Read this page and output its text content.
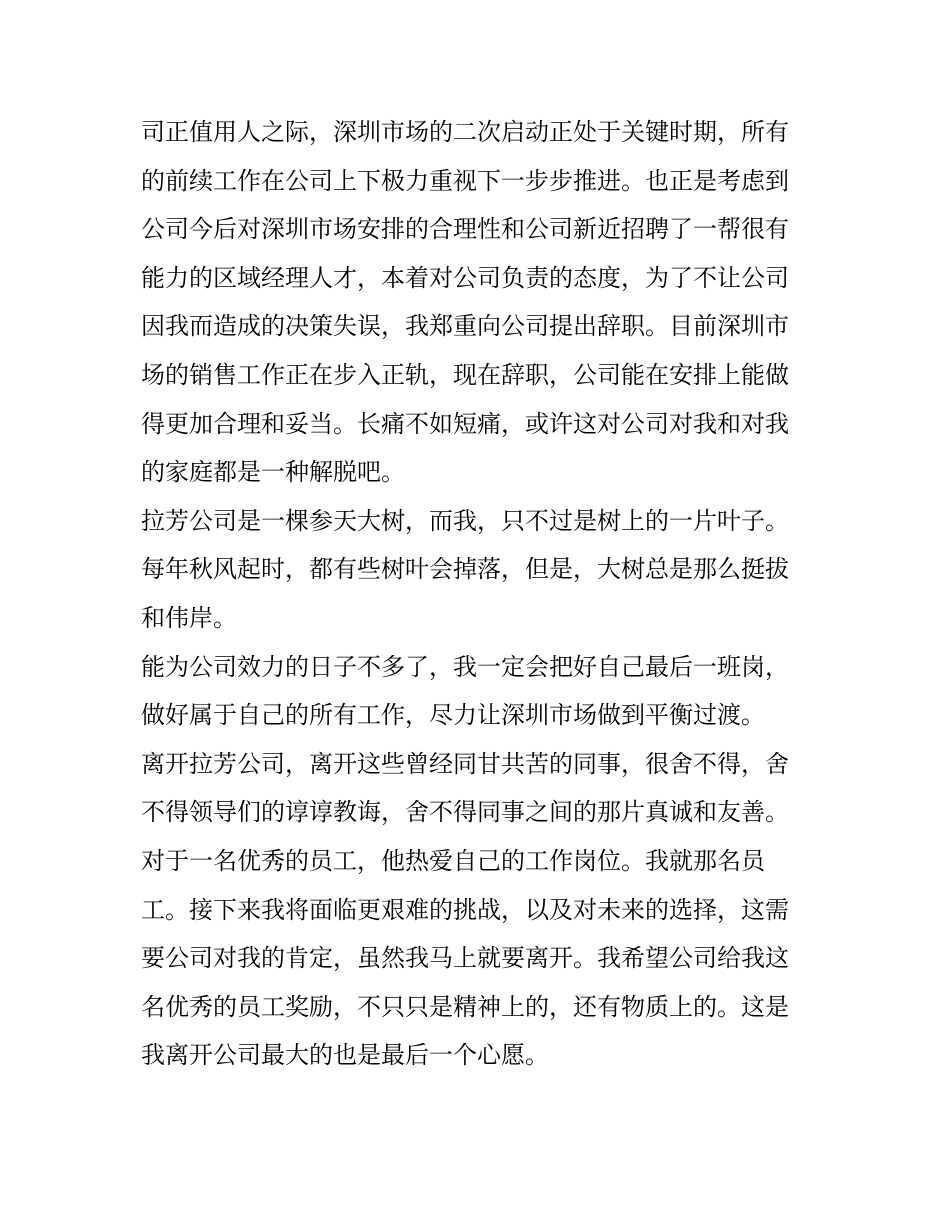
司正值用人之际，深圳市场的二次启动正处于关键时期，所有
的前续工作在公司上下极力重视下一步步推进。也正是考虑到
公司今后对深圳市场安排的合理性和公司新近招聘了一帮很有
能力的区域经理人才，本着对公司负责的态度，为了不让公司
因我而造成的决策失误，我郑重向公司提出辞职。目前深圳市
场的销售工作正在步入正轨，现在辞职，公司能在安排上能做
得更加合理和妥当。长痛不如短痛，或许这对公司对我和对我
的家庭都是一种解脱吧。
拉芳公司是一棵参天大树，而我，只不过是树上的一片叶子。
每年秋风起时，都有些树叶会掉落，但是，大树总是那么挺拔
和伟岸。
能为公司效力的日子不多了，我一定会把好自己最后一班岗，
做好属于自己的所有工作，尽力让深圳市场做到平衡过渡。
离开拉芳公司，离开这些曾经同甘共苦的同事，很舍不得，舍
不得领导们的谆谆教诲，舍不得同事之间的那片真诚和友善。
对于一名优秀的员工，他热爱自己的工作岗位。我就那名员
工。接下来我将面临更艰难的挑战，以及对未来的选择，这需
要公司对我的肯定，虽然我马上就要离开。我希望公司给我这
名优秀的员工奖励，不只只是精神上的，还有物质上的。这是
我离开公司最大的也是最后一个心愿。
